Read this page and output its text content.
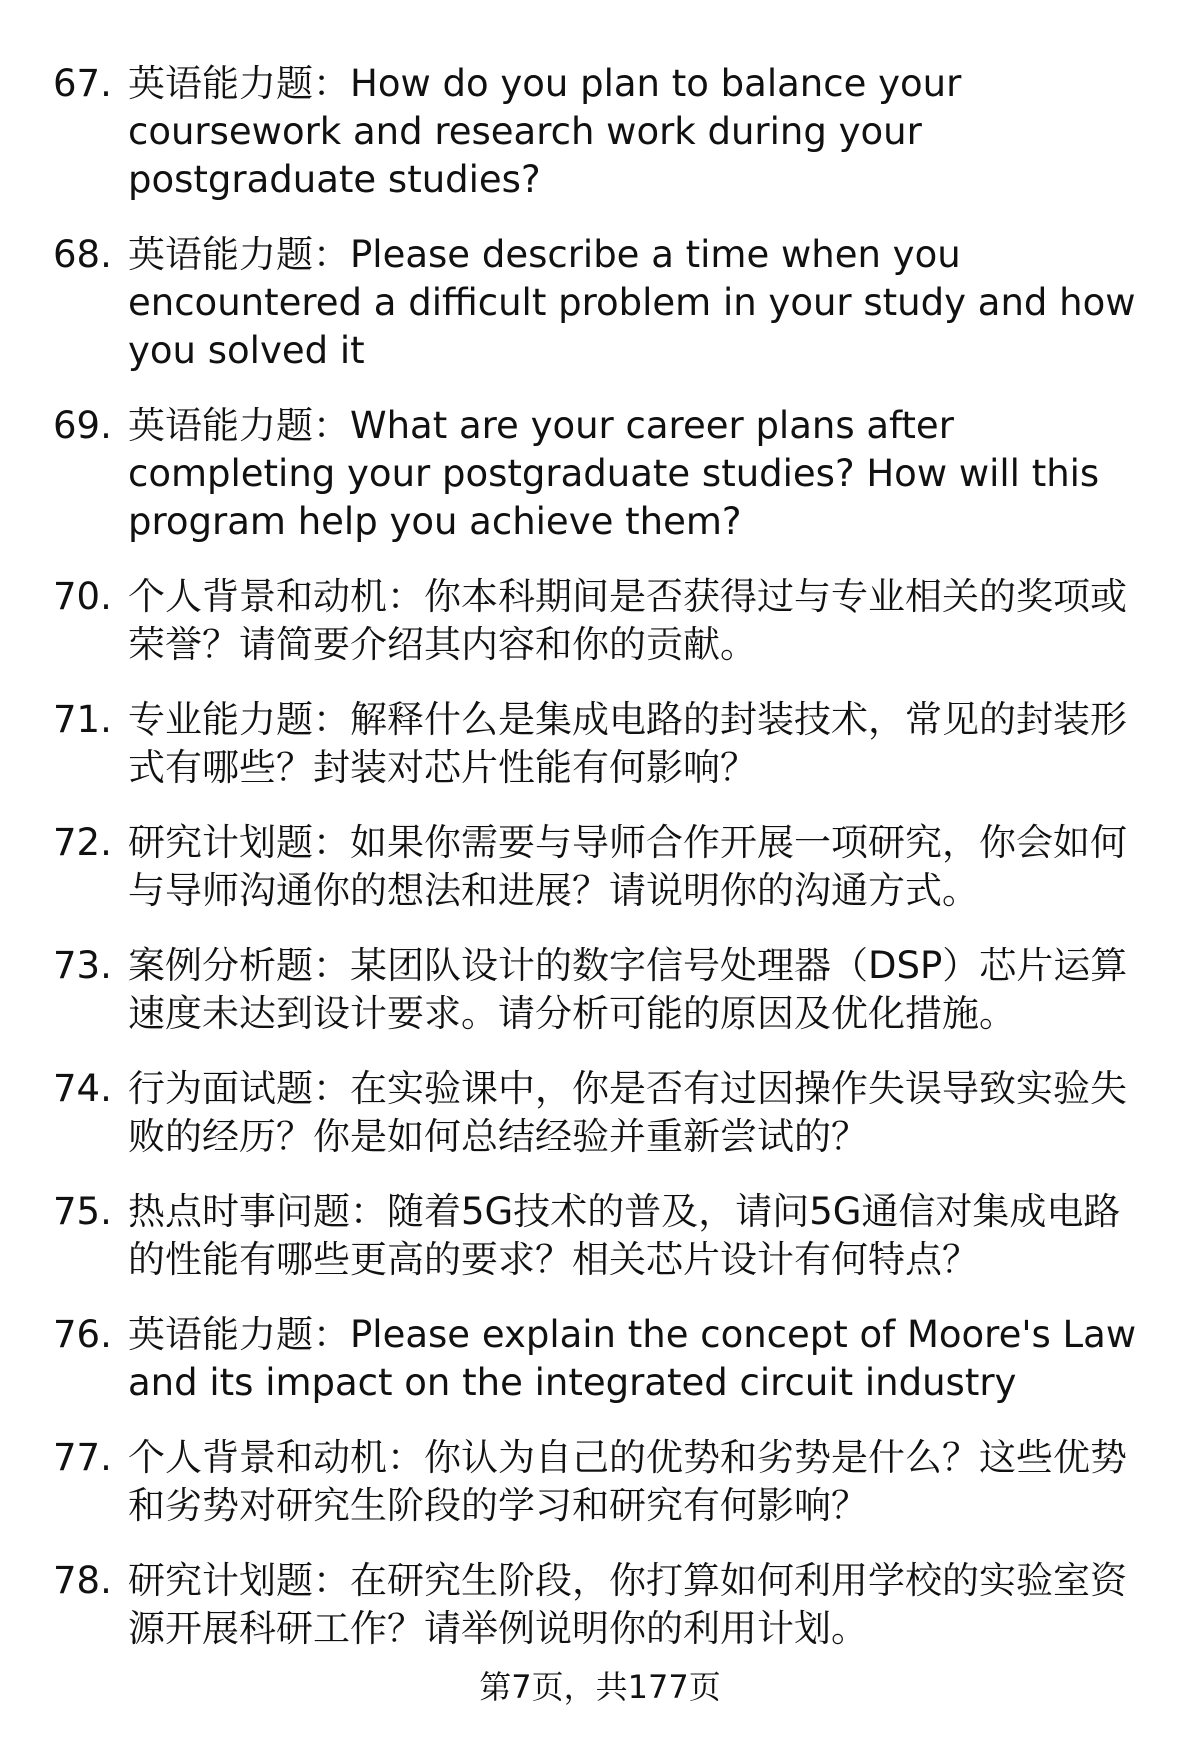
67. 英语能力题：How do you plan to balance your coursework and research work during your postgraduate studies?
68. 英语能力题：Please describe a time when you encountered a difficult problem in your study and how you solved it
69. 英语能力题：What are your career plans after completing your postgraduate studies? How will this program help you achieve them?
70. 个人背景和动机：你本科期间是否获得过与专业相关的奖项或荣誉？请简要介绍其内容和你的贡献。
71. 专业能力题：解释什么是集成电路的封装技术，常见的封装形式有哪些？封装对芯片性能有何影响？
72. 研究计划题：如果你需要与导师合作开展一项研究，你会如何与导师沟通你的想法和进展？请说明你的沟通方式。
73. 案例分析题：某团队设计的数字信号处理器（DSP）芯片运算速度未达到设计要求。请分析可能的原因及优化措施。
74. 行为面试题：在实验课中，你是否有过因操作失误导致实验失败的经历？你是如何总结经验并重新尝试的？
75. 热点时事问题：随着5G技术的普及，请问5G通信对集成电路的性能有哪些更高的要求？相关芯片设计有何特点？
76. 英语能力题：Please explain the concept of Moore's Law and its impact on the integrated circuit industry
77. 个人背景和动机：你认为自己的优势和劣势是什么？这些优势和劣势对研究生阶段的学习和研究有何影响？
78. 研究计划题：在研究生阶段，你打算如何利用学校的实验室资源开展科研工作？请举例说明你的利用计划。
第7页，共177页
